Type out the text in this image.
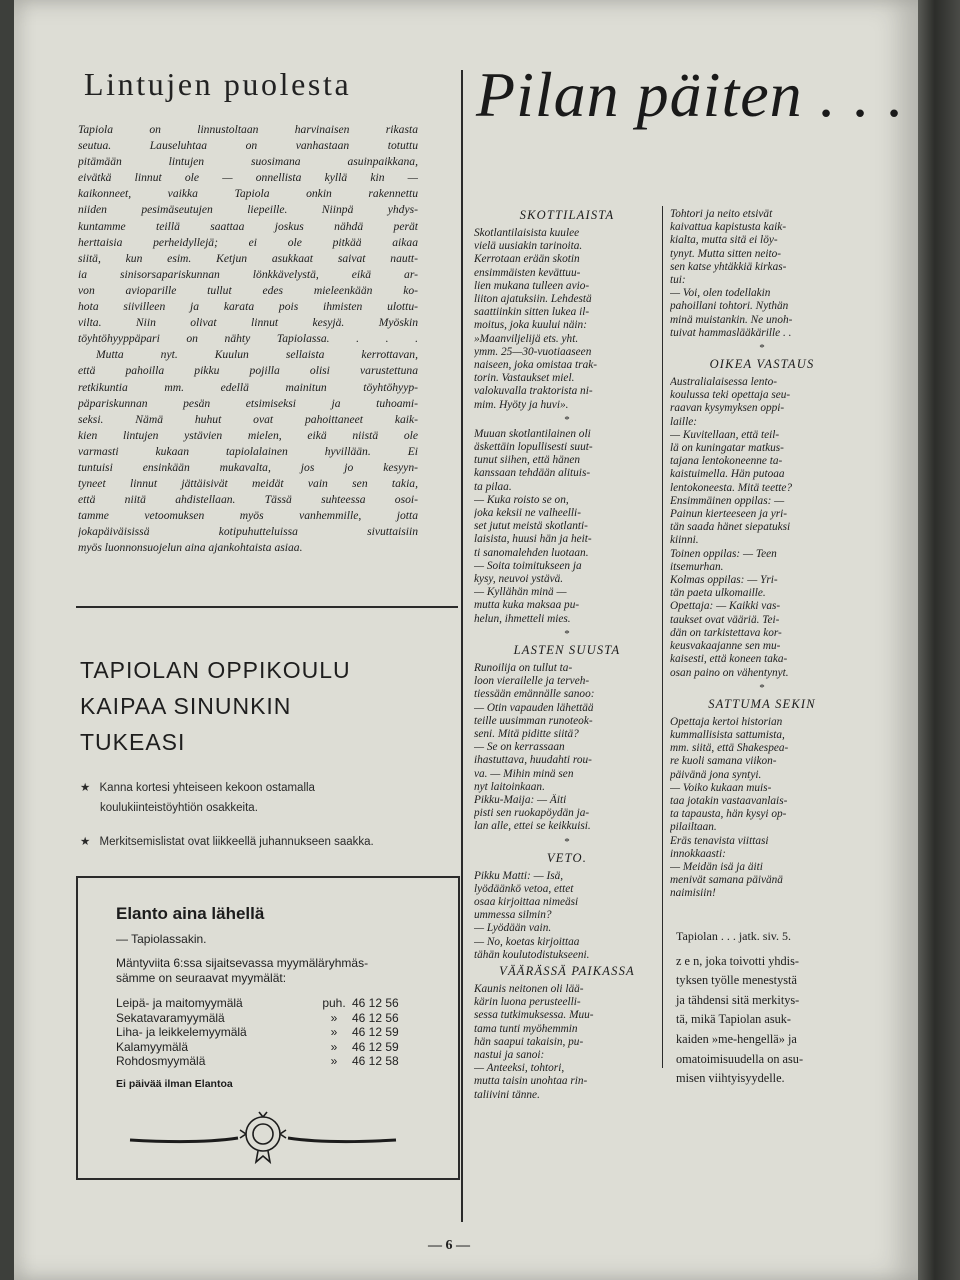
Lintujen puolesta
Tapiola on linnustoltaan harvinaisen rikasta
seutua. Lauseluhtaa on vanhastaan totuttu
pitämään lintujen suosimana asuinpaikkana,
eivätkä linnut ole — onnellista kyllä kin —
kaikonneet, vaikka Tapiola onkin rakennettu
niiden pesimäseutujen liepeille. Niinpä yhdys-
kuntamme teillä saattaa joskus nähdä perät
herttaisia perheidyllejä; ei ole pitkää aikaa
siitä, kun esim. Ketjun asukkaat saivat nautt-
ia sinisorsapariskunnan lönkkävelystä, eikä ar-
von avioparille tullut edes mieleenkään ko-
hota siivilleen ja karata pois ihmisten ulottu-
vilta. Niin olivat linnut kesyjä. Myöskin
töyhtöhyyppäpari on nähty Tapiolassa. . . .
Mutta nyt. Kuulun sellaista kerrottavan,
että pahoilla pikku pojilla olisi varustettuna
retkikuntia mm. edellä mainitun töyhtöhyyp-
päpariskunnan pesän etsimiseksi ja tuhoami-
seksi. Nämä huhut ovat pahoittaneet kaik-
kien lintujen ystävien mielen, eikä niistä ole
varmasti kukaan tapiolalainen hyvillään. Ei
tuntuisi ensinkään mukavalta, jos jo kesyyn-
tyneet linnut jättäisivät meidät vain sen takia,
että niitä ahdistellaan. Tässä suhteessa osoi-
tamme vetoomuksen myös vanhemmille, jotta
jokapäiväisissä kotipuhutteluissa sivuttaisiin
myös luonnonsuojelun aina ajankohtaista asiaa.
TAPIOLAN OPPIKOULU
KAIPAA SINUNKIN
TUKEASI
★ Kanna kortesi yhteiseen kekoon ostamalla
koulukiinteistöyhtiön osakkeita.
★ Merkitsemislistat ovat liikkeellä juhannukseen saakka.
Elanto aina lähellä
— Tapiolassakin.
Mäntyviita 6:ssa sijaitsevassa myymäläryhmäs-
sämme on seuraavat myymälät:
Leipä- ja maitomyymälä	puh. 46 12 56
Sekatavaramyymälä	»	46 12 56
Liha- ja leikkelemyymälä	»	46 12 59
Kalamyymälä	»	46 12 59
Rohdosmyymälä	»	46 12 58
Ei päivää ilman Elantoa
Pilan päiten . . .
SKOTTILAISTA
Skotlantilaisista kuulee
vielä uusiakin tarinoita.
Kerrotaan erään skotin
ensimmäisten kevättuu-
lien mukana tulleen avio-
liiton ajatuksiin. Lehdestä
saattiinkin sitten lukea il-
moitus, joka kuului näin:
»Maanviljelijä ets. yht.
ymm. 25—30-vuotiaaseen
naiseen, joka omistaa trak-
torin. Vastaukset miel.
valokuvalla traktorista ni-
mim. Hyöty ja huvi».
*
Muuan skotlantilainen oli
äskettäin lopullisesti suut-
tunut siihen, että hänen
kanssaan tehdään alituis-
ta pilaa.
— Kuka roisto se on,
joka keksii ne valheelli-
set jutut meistä skotlanti-
laisista, huusi hän ja heit-
ti sanomalehden luotaan.
— Soita toimitukseen ja
kysy, neuvoi ystävä.
— Kyllähän minä —
mutta kuka maksaa pu-
helun, ihmetteli mies.
*
LASTEN SUUSTA
Runoilija on tullut ta-
loon vierailelle ja terveh-
tiessään emännälle sanoo:
— Otin vapauden lähettää
teille uusimman runoteok-
seni. Mitä piditte siitä?
— Se on kerrassaan
ihastuttava, huudahti rou-
va. — Mihin minä sen
nyt laitoinkaan.
Pikku-Maija: — Äiti
pisti sen ruokapöydän ja-
lan alle, ettei se keikkuisi.
*
VETO.
Pikku Matti: — Isä,
lyödäänkö vetoa, ettet
osaa kirjoittaa nimeäsi
ummessa silmin?
— Lyödään vain.
— No, koetas kirjoittaa
tähän koulutodistukseeni.
VÄÄRÄSSÄ PAIKASSA
Kaunis neitonen oli lää-
kärin luona perusteelli-
sessa tutkimuksessa. Muu-
tama tunti myöhemmin
hän saapui takaisin, pu-
nastui ja sanoi:
— Anteeksi, tohtori,
mutta taisin unohtaa rin-
taliivini tänne.
Tohtori ja neito etsivät
kaivattua kapistusta kaik-
kialta, mutta sitä ei löy-
tynyt. Mutta sitten neito-
sen katse yhtäkkiä kirkas-
tui:
— Voi, olen todellakin
pahoillani tohtori. Nythän
minä muistankin. Ne unoh-
tuivat hammaslääkärille . .
*
OIKEA VASTAUS
Australialaisessa lento-
koulussa teki opettaja seu-
raavan kysymyksen oppi-
laille:
— Kuvitellaan, että teil-
lä on kuningatar matkus-
tajana lentokoneenne ta-
kaistuimella. Hän putoaa
lentokoneesta. Mitä teette?
Ensimmäinen oppilas: —
Painun kierteeseen ja yri-
tän saada hänet siepatuksi
kiinni.
Toinen oppilas: — Teen
itsemurhan.
Kolmas oppilas: — Yri-
tän paeta ulkomaille.
Opettaja: — Kaikki vas-
taukset ovat vääriä. Tei-
dän on tarkistettava kor-
keusvakaajanne sen mu-
kaisesti, että koneen taka-
osan paino on vähentynyt.
*
SATTUMA SEKIN
Opettaja kertoi historian
kummallisista sattumista,
mm. siitä, että Shakespea-
re kuoli samana viikon-
päivänä jona syntyi.
— Voiko kukaan muis-
taa jotakin vastaavanlais-
ta tapausta, hän kysyi op-
pilailtaan.
Eräs tenavista viittasi
innokkaasti:
— Meidän isä ja äiti
menivät samana päivänä
naimisiin!
Tapiolan . . . jatk. siv. 5.
z e n, joka toivotti yhdis-
tyksen työlle menestystä
ja tähdensi sitä merkitys-
tä, mikä Tapiolan asuk-
kaiden »me-hengellä» ja
omatoimisuudella on asu-
misen viihtyisyydelle.
— 6 —
